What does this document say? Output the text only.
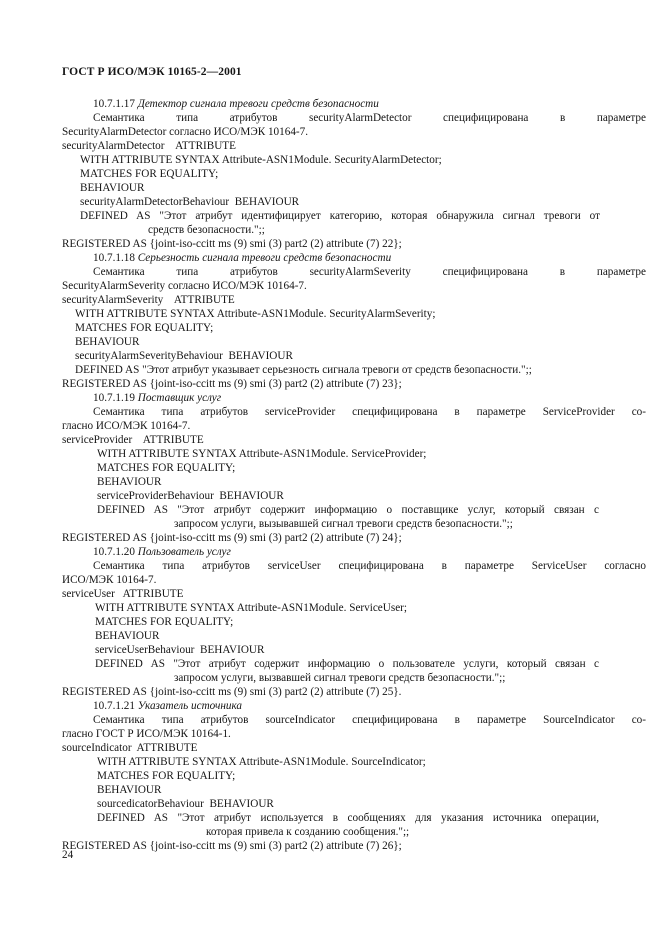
ГОСТ Р ИСО/МЭК 10165-2—2001
10.7.1.17 Детектор сигнала тревоги средств безопасности
Семантика типа атрибутов securityAlarmDetector специфицирована в параметре
SecurityAlarmDetector согласно ИСО/МЭК 10164-7.
securityAlarmDetector    ATTRIBUTE
WITH ATTRIBUTE SYNTAX Attribute-ASN1Module. SecurityAlarmDetector;
MATCHES FOR EQUALITY;
BEHAVIOUR
securityAlarmDetectorBehaviour  BEHAVIOUR
DEFINED AS "Этот атрибут идентифицирует категорию, которая обнаружила сигнал тревоги от
средств безопасности.";;
REGISTERED AS {joint-iso-ccitt ms (9) smi (3) part2 (2) attribute (7) 22};
10.7.1.18 Серьезность сигнала тревоги средств безопасности
Семантика типа атрибутов securityAlarmSeverity специфицирована в параметре
SecurityAlarmSeverity согласно ИСО/МЭК 10164-7.
securityAlarmSeverity    ATTRIBUTE
WITH ATTRIBUTE SYNTAX Attribute-ASN1Module. SecurityAlarmSeverity;
MATCHES FOR EQUALITY;
BEHAVIOUR
securityAlarmSeverityBehaviour  BEHAVIOUR
DEFINED AS "Этот атрибут указывает серьезность сигнала тревоги от средств безопасности.";;
REGISTERED AS {joint-iso-ccitt ms (9) smi (3) part2 (2) attribute (7) 23};
10.7.1.19 Поставщик услуг
Семантика типа атрибутов serviceProvider специфицирована в параметре ServiceProvider со-
гласно ИСО/МЭК 10164-7.
serviceProvider    ATTRIBUTE
WITH ATTRIBUTE SYNTAX Attribute-ASN1Module. ServiceProvider;
MATCHES FOR EQUALITY;
BEHAVIOUR
serviceProviderBehaviour  BEHAVIOUR
DEFINED AS "Этот атрибут содержит информацию о поставщике услуг, который связан с
запросом услуги, вызывавшей сигнал тревоги средств безопасности.";;
REGISTERED AS {joint-iso-ccitt ms (9) smi (3) part2 (2) attribute (7) 24};
10.7.1.20 Пользователь услуг
Семантика типа атрибутов serviceUser специфицирована в параметре ServiceUser согласно
ИСО/МЭК 10164-7.
serviceUser   ATTRIBUTE
WITH ATTRIBUTE SYNTAX Attribute-ASN1Module. ServiceUser;
MATCHES FOR EQUALITY;
BEHAVIOUR
serviceUserBehaviour  BEHAVIOUR
DEFINED AS "Этот атрибут содержит информацию о пользователе услуги, который связан с
запросом услуги, вызвавшей сигнал тревоги средств безопасности.";;
REGISTERED AS {joint-iso-ccitt ms (9) smi (3) part2 (2) attribute (7) 25}.
10.7.1.21 Указатель источника
Семантика типа атрибутов sourceIndicator специфицирована в параметре SourceIndicator со-
гласно ГОСТ Р ИСО/МЭК 10164-1.
sourceIndicator  ATTRIBUTE
WITH ATTRIBUTE SYNTAX Attribute-ASN1Module. SourceIndicator;
MATCHES FOR EQUALITY;
BEHAVIOUR
sourcedicatorBehaviour  BEHAVIOUR
DEFINED AS "Этот атрибут используется в сообщениях для указания источника операции,
которая привела к созданию сообщения.";;
REGISTERED AS {joint-iso-ccitt ms (9) smi (3) part2 (2) attribute (7) 26};
24
